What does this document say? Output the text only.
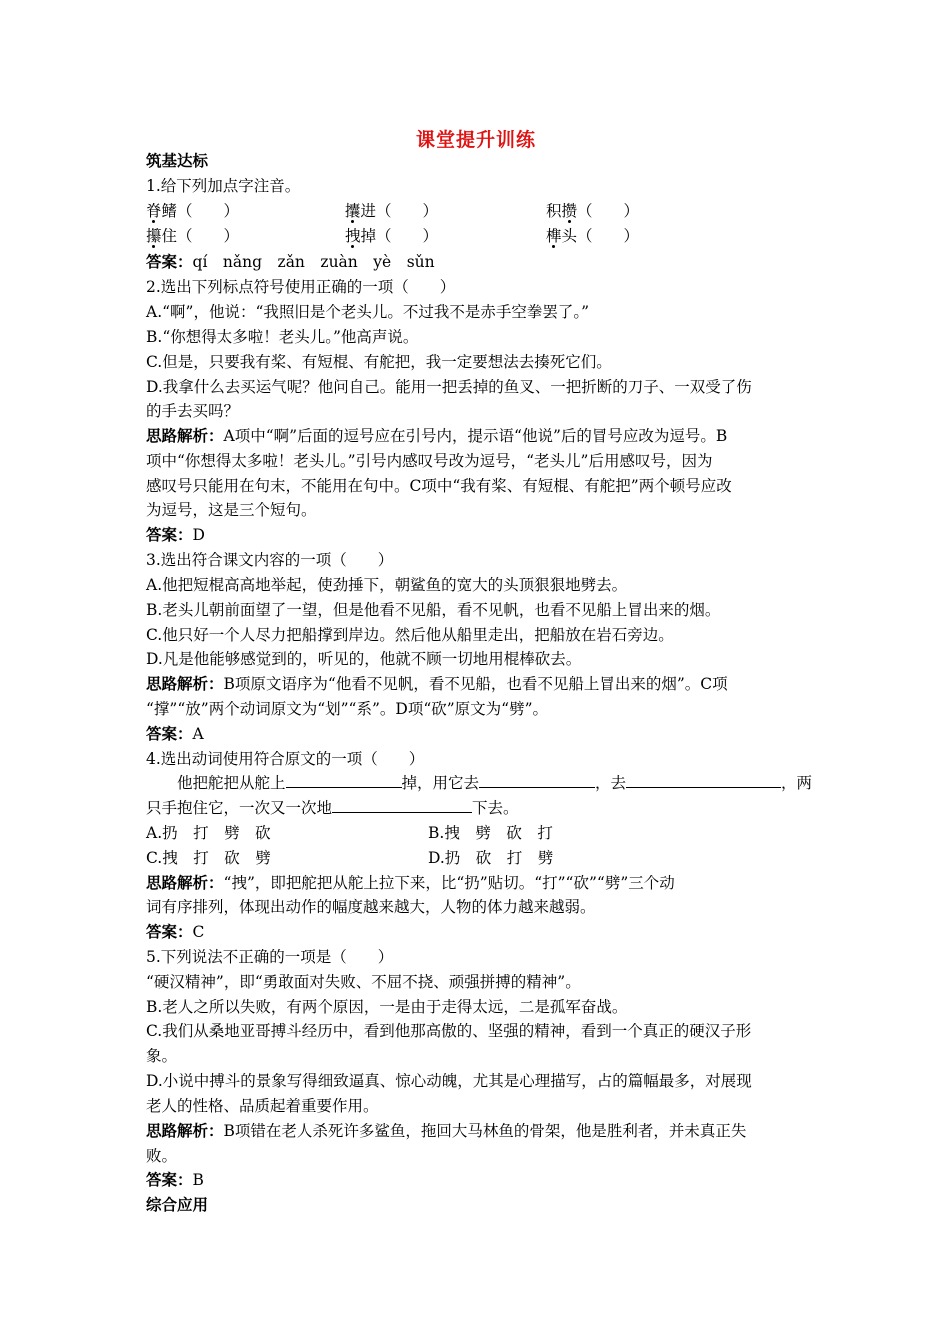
课堂提升训练
筑基达标
1.给下列加点字注音。
脊鳍（　　）	攮进（　　）	积攒（　　）
攥住（　　）	拽掉（　　）	榫头（　　）
答案：qí　nǎng　zǎn　zuàn　yè　sǔn
2.选出下列标点符号使用正确的一项（　　）
A.“啊”，他说：“我照旧是个老头儿。不过我不是赤手空拳罢了。”
B.“你想得太多啦！老头儿。”他高声说。
C.但是，只要我有桨、有短棍、有舵把，我一定要想法去揍死它们。
D.我拿什么去买运气呢？他问自己。能用一把丢掉的鱼叉、一把折断的刀子、一双受了伤
的手去买吗？
思路解析：A项中“啊”后面的逗号应在引号内，提示语“他说”后的冒号应改为逗号。B
项中“你想得太多啦！老头儿。”引号内感叹号改为逗号，“老头儿”后用感叹号，因为
感叹号只能用在句末，不能用在句中。C项中“我有桨、有短棍、有舵把”两个顿号应改
为逗号，这是三个短句。
答案：D
3.选出符合课文内容的一项（　　）
A.他把短棍高高地举起，使劲捶下，朝鲨鱼的宽大的头顶狠狠地劈去。
B.老头儿朝前面望了一望，但是他看不见船，看不见帆，也看不见船上冒出来的烟。
C.他只好一个人尽力把船撑到岸边。然后他从船里走出，把船放在岩石旁边。
D.凡是他能够感觉到的，听见的，他就不顾一切地用棍棒砍去。
思路解析：B项原文语序为“他看不见帆，看不见船，也看不见船上冒出来的烟”。C项
“撑”“放”两个动词原文为“划”“系”。D项“砍”原文为“劈”。
答案：A
4.选出动词使用符合原文的一项（　　）
他把舵把从舵上	掉，用它去	，去	，两
只手抱住它，一次又一次地	下去。
A.扔　打　劈　砍	B.拽　劈　砍　打
C.拽　打　砍　劈	D.扔　砍　打　劈
思路解析：“拽”，即把舵把从舵上拉下来，比“扔”贴切。“打”“砍”“劈”三个动
词有序排列，体现出动作的幅度越来越大，人物的体力越来越弱。
答案：C
5.下列说法不正确的一项是（　　）
“硬汉精神”，即“勇敢面对失败、不屈不挠、顽强拼搏的精神”。
B.老人之所以失败，有两个原因，一是由于走得太远，二是孤军奋战。
C.我们从桑地亚哥搏斗经历中，看到他那高傲的、坚强的精神，看到一个真正的硬汉子形
象。
D.小说中搏斗的景象写得细致逼真、惊心动魄，尤其是心理描写，占的篇幅最多，对展现
老人的性格、品质起着重要作用。
思路解析：B项错在老人杀死许多鲨鱼，拖回大马林鱼的骨架，他是胜利者，并未真正失
败。
答案：B
综合应用
